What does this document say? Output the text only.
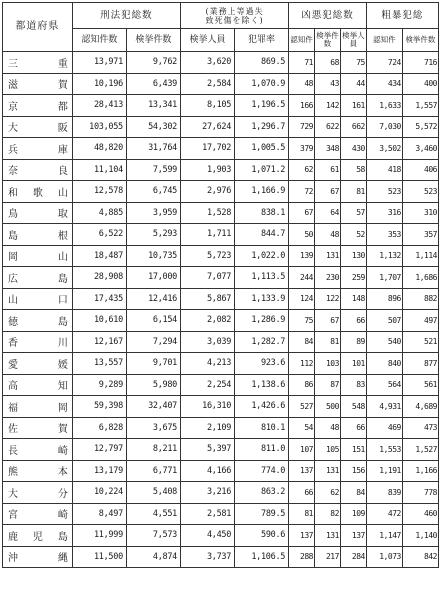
都道府県	刑法犯総数		(業務上等過失
致死傷を除く)		凶悪犯総数			粗暴犯総	
	認知件数	検挙件数	検挙人員	犯罪率	認知件	検挙件数	検挙人員	認知件	検挙件数
三重	13,971	9,762	3,620	869.5	71	68	75	724	716
滋賀	10,196	6,439	2,584	1,070.9	48	43	44	434	400
京都	28,413	13,341	8,105	1,196.5	166	142	161	1,633	1,557
大阪	103,055	54,302	27,624	1,296.7	729	622	662	7,030	5,572
兵庫	48,820	31,764	17,702	1,005.5	379	348	430	3,502	3,460
奈良	11,104	7,599	1,903	1,071.2	62	61	58	418	406
和歌山	12,578	6,745	2,976	1,166.9	72	67	81	523	523
鳥取	4,885	3,959	1,528	838.1	67	64	57	316	310
島根	6,522	5,293	1,711	844.7	50	48	52	353	357
岡山	18,487	10,735	5,723	1,022.0	139	131	130	1,132	1,114
広島	28,908	17,000	7,077	1,113.5	244	230	259	1,707	1,686
山口	17,435	12,416	5,867	1,133.9	124	122	148	896	882
徳島	10,610	6,154	2,082	1,286.9	75	67	66	507	497
香川	12,167	7,294	3,039	1,282.7	84	81	89	540	521
愛媛	13,557	9,701	4,213	923.6	112	103	101	840	877
高知	9,289	5,980	2,254	1,138.6	86	87	83	564	561
福岡	59,398	32,407	16,310	1,426.6	527	500	548	4,931	4,689
佐賀	6,828	3,675	2,109	810.1	54	48	66	469	473
長崎	12,797	8,211	5,397	811.0	107	105	151	1,553	1,527
熊本	13,179	6,771	4,166	774.0	137	131	156	1,191	1,166
大分	10,224	5,408	3,216	863.2	66	62	84	839	778
宮崎	8,497	4,551	2,581	789.5	81	82	109	472	460
鹿児島	11,999	7,573	4,450	590.6	137	131	137	1,147	1,140
沖縄	11,500	4,874	3,737	1,106.5	288	217	284	1,073	842
